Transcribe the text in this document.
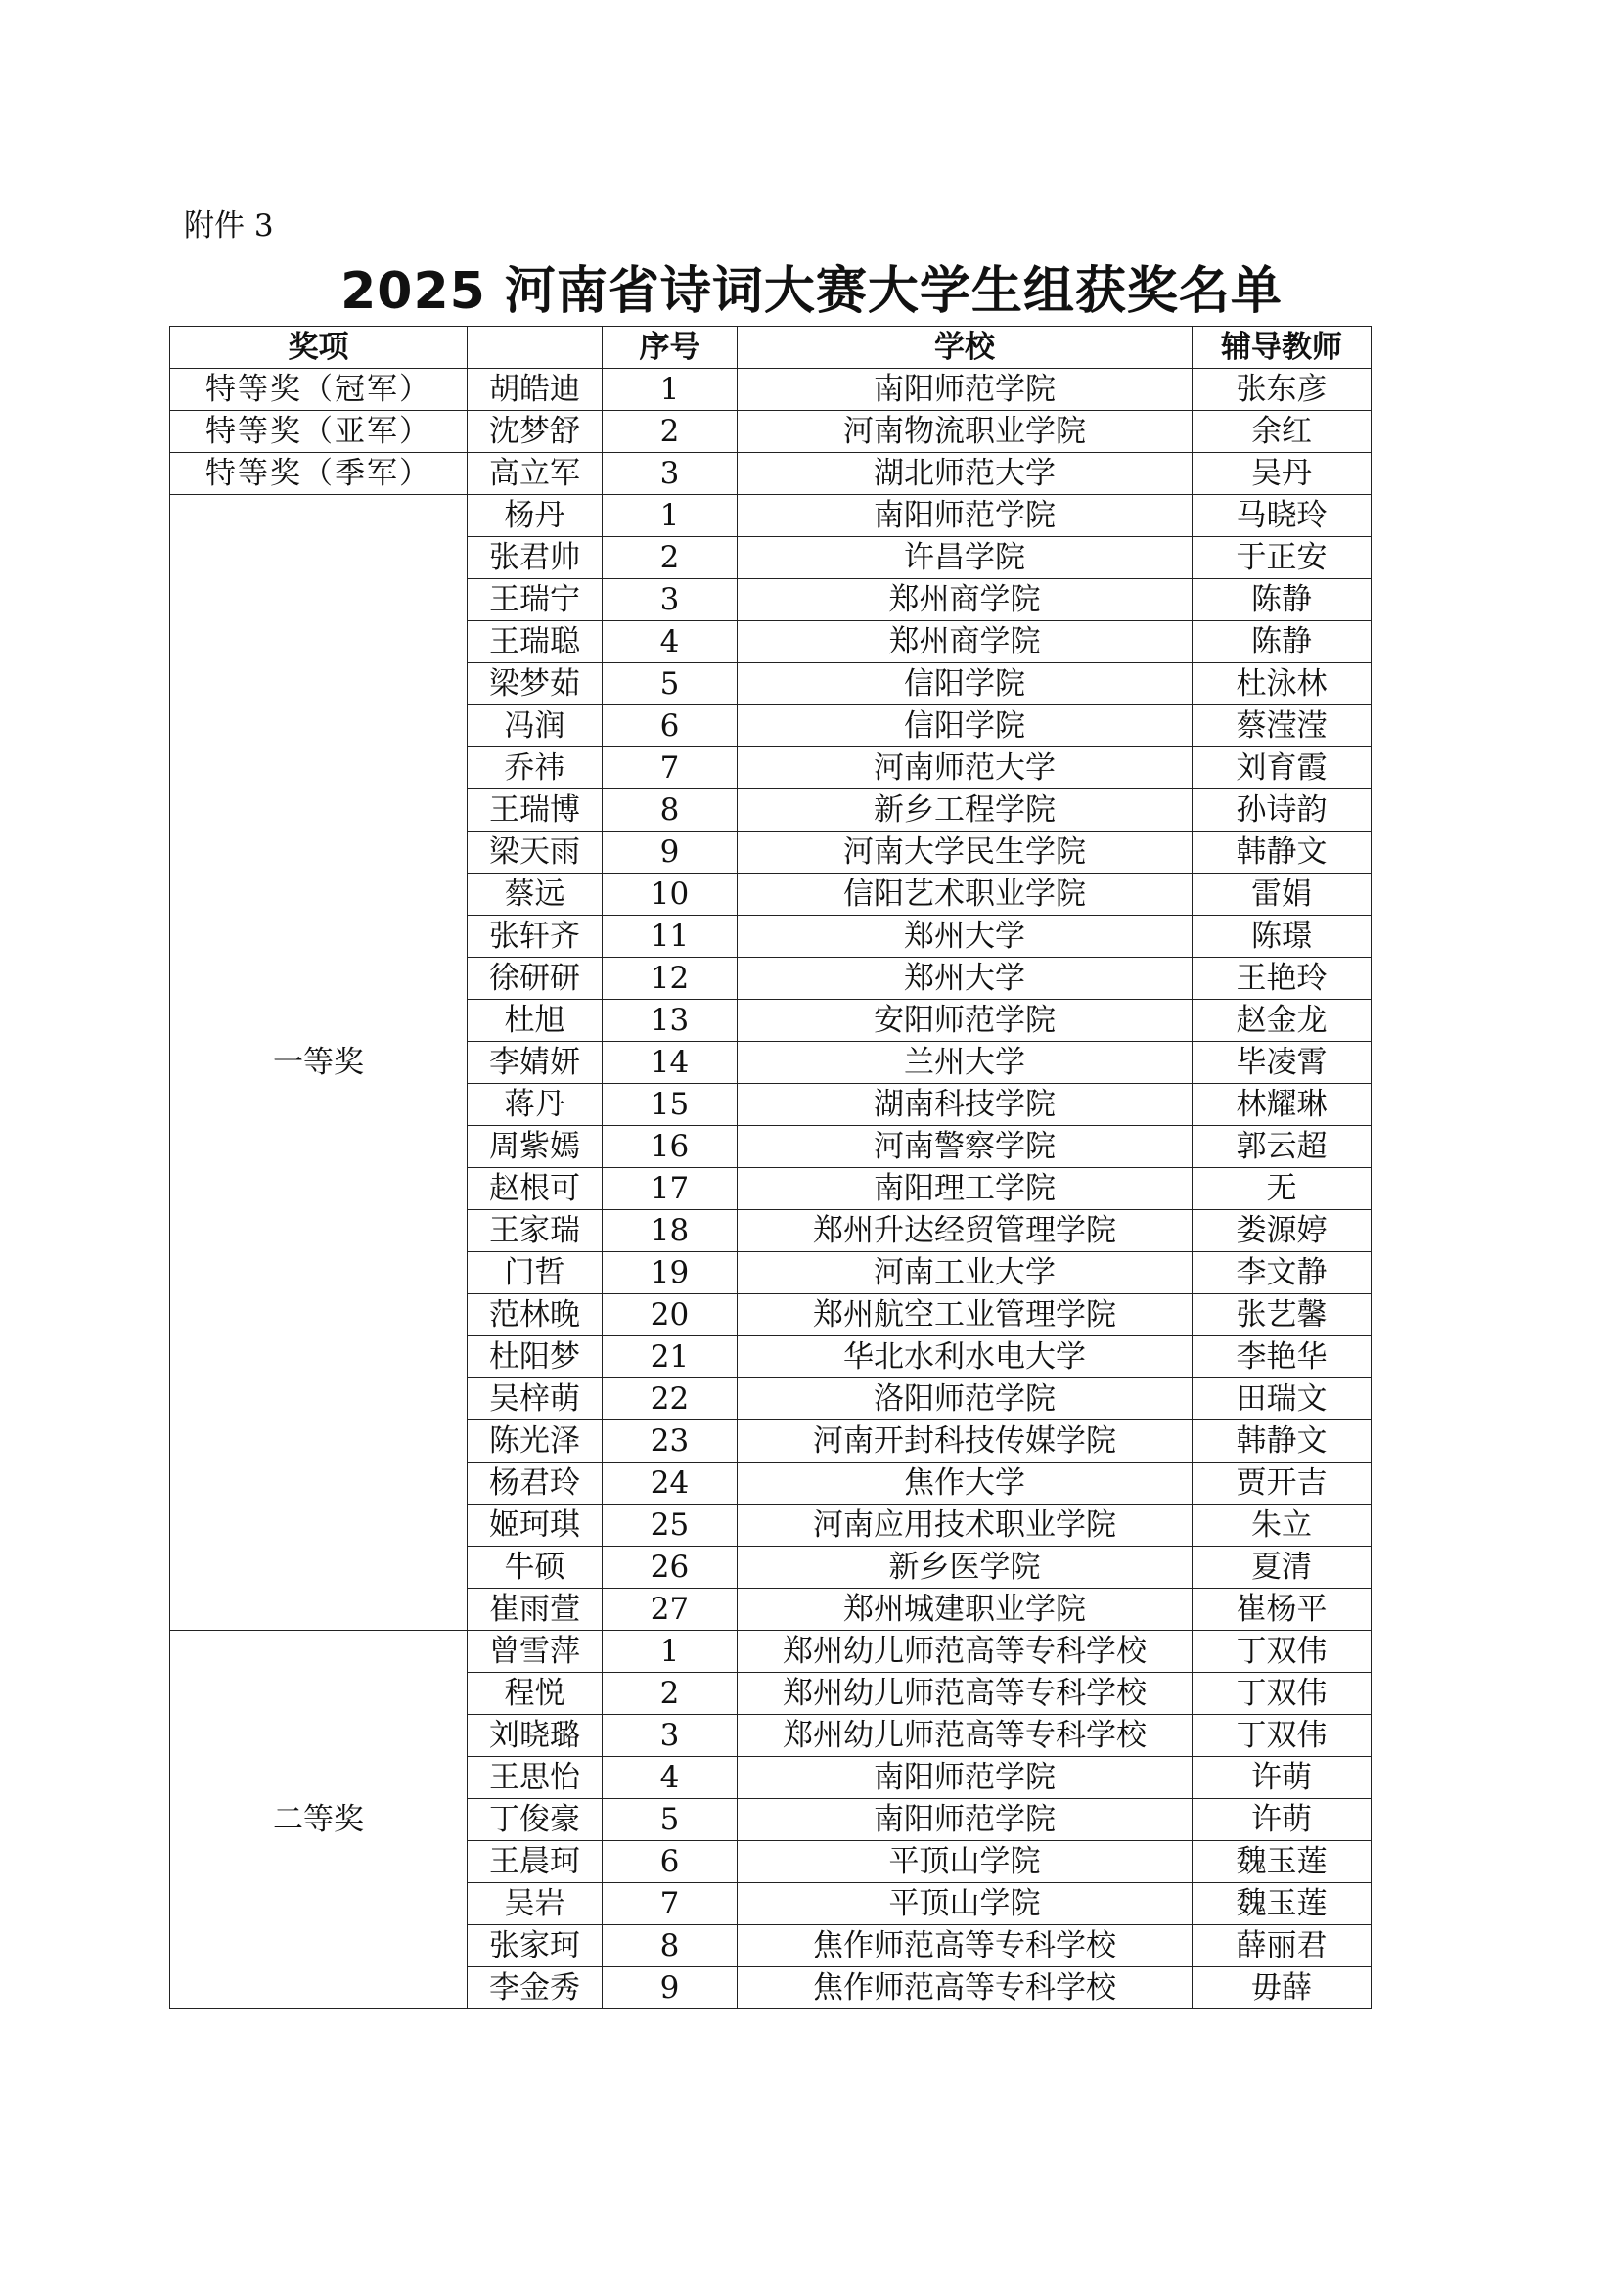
附件 3
2025 河南省诗词大赛大学生组获奖名单
奖项		序号	学校	辅导教师
特等奖（冠军）	胡皓迪	1	南阳师范学院	张东彦
特等奖（亚军）	沈梦舒	2	河南物流职业学院	余红
特等奖（季军）	高立军	3	湖北师范大学	吴丹
一等奖	杨丹	1	南阳师范学院	马晓玲
	张君帅	2	许昌学院	于正安
	王瑞宁	3	郑州商学院	陈静
	王瑞聪	4	郑州商学院	陈静
	梁梦茹	5	信阳学院	杜泳林
	冯润	6	信阳学院	蔡滢滢
	乔祎	7	河南师范大学	刘育霞
	王瑞博	8	新乡工程学院	孙诗韵
	梁天雨	9	河南大学民生学院	韩静文
	蔡远	10	信阳艺术职业学院	雷娟
	张轩齐	11	郑州大学	陈璟
	徐研研	12	郑州大学	王艳玲
	杜旭	13	安阳师范学院	赵金龙
	李婧妍	14	兰州大学	毕凌霄
	蒋丹	15	湖南科技学院	林耀琳
	周紫嫣	16	河南警察学院	郭云超
	赵根可	17	南阳理工学院	无
	王家瑞	18	郑州升达经贸管理学院	娄源婷
	门哲	19	河南工业大学	李文静
	范林晚	20	郑州航空工业管理学院	张艺馨
	杜阳梦	21	华北水利水电大学	李艳华
	吴梓萌	22	洛阳师范学院	田瑞文
	陈光泽	23	河南开封科技传媒学院	韩静文
	杨君玲	24	焦作大学	贾开吉
	姬珂琪	25	河南应用技术职业学院	朱立
	牛硕	26	新乡医学院	夏清
	崔雨萱	27	郑州城建职业学院	崔杨平
二等奖	曾雪萍	1	郑州幼儿师范高等专科学校	丁双伟
	程悦	2	郑州幼儿师范高等专科学校	丁双伟
	刘晓璐	3	郑州幼儿师范高等专科学校	丁双伟
	王思怡	4	南阳师范学院	许萌
	丁俊豪	5	南阳师范学院	许萌
	王晨珂	6	平顶山学院	魏玉莲
	吴岩	7	平顶山学院	魏玉莲
	张家珂	8	焦作师范高等专科学校	薛丽君
	李金秀	9	焦作师范高等专科学校	毋薛
